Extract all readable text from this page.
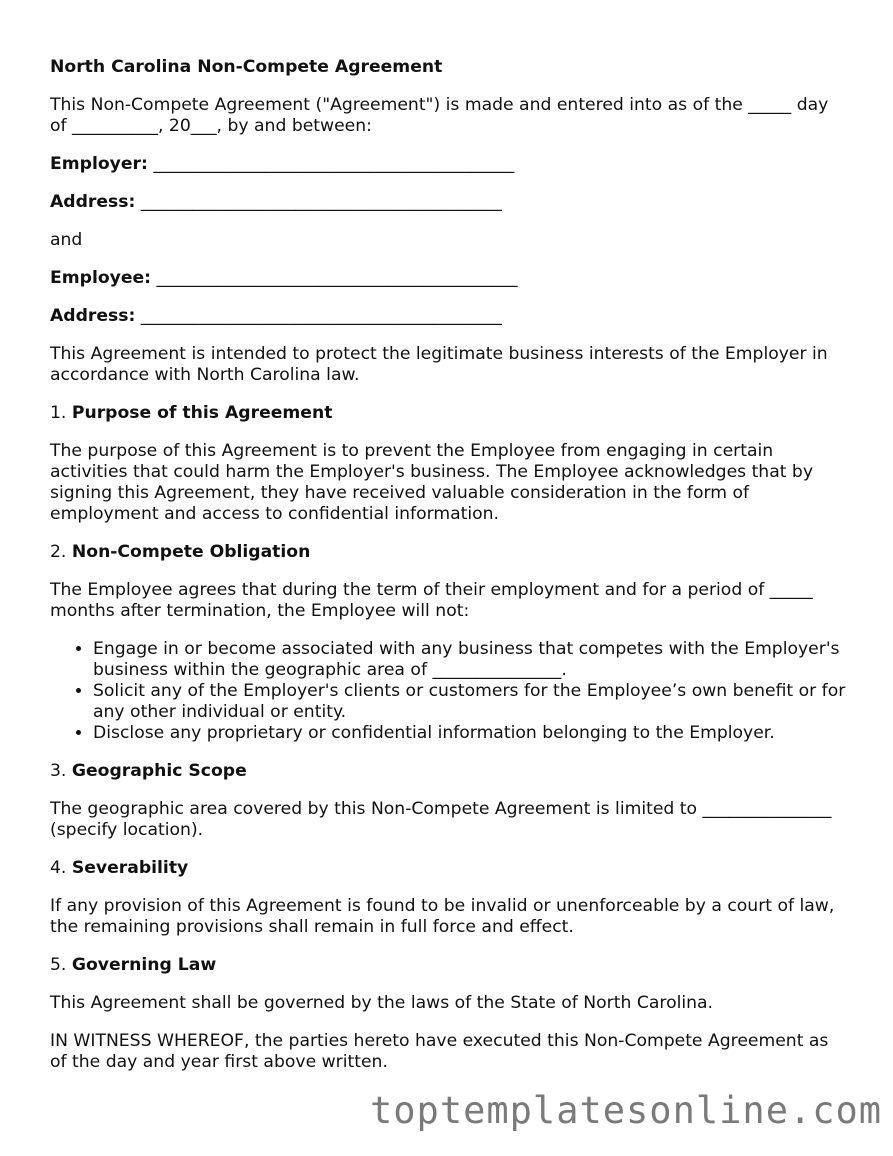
North Carolina Non-Compete Agreement

This Non-Compete Agreement ("Agreement") is made and entered into as of the _____ day of __________, 20___, by and between:

Employer: __________________________________________

Address: __________________________________________

and

Employee: __________________________________________

Address: __________________________________________

This Agreement is intended to protect the legitimate business interests of the Employer in accordance with North Carolina law.

1. Purpose of this Agreement

The purpose of this Agreement is to prevent the Employee from engaging in certain activities that could harm the Employer's business. The Employee acknowledges that by signing this Agreement, they have received valuable consideration in the form of employment and access to confidential information.

2. Non-Compete Obligation

The Employee agrees that during the term of their employment and for a period of _____ months after termination, the Employee will not:

• Engage in or become associated with any business that competes with the Employer's business within the geographic area of _______________.
• Solicit any of the Employer's clients or customers for the Employee’s own benefit or for any other individual or entity.
• Disclose any proprietary or confidential information belonging to the Employer.

3. Geographic Scope

The geographic area covered by this Non-Compete Agreement is limited to _______________ (specify location).

4. Severability

If any provision of this Agreement is found to be invalid or unenforceable by a court of law, the remaining provisions shall remain in full force and effect.

5. Governing Law

This Agreement shall be governed by the laws of the State of North Carolina.

IN WITNESS WHEREOF, the parties hereto have executed this Non-Compete Agreement as of the day and year first above written.

toptemplatesonline.com
